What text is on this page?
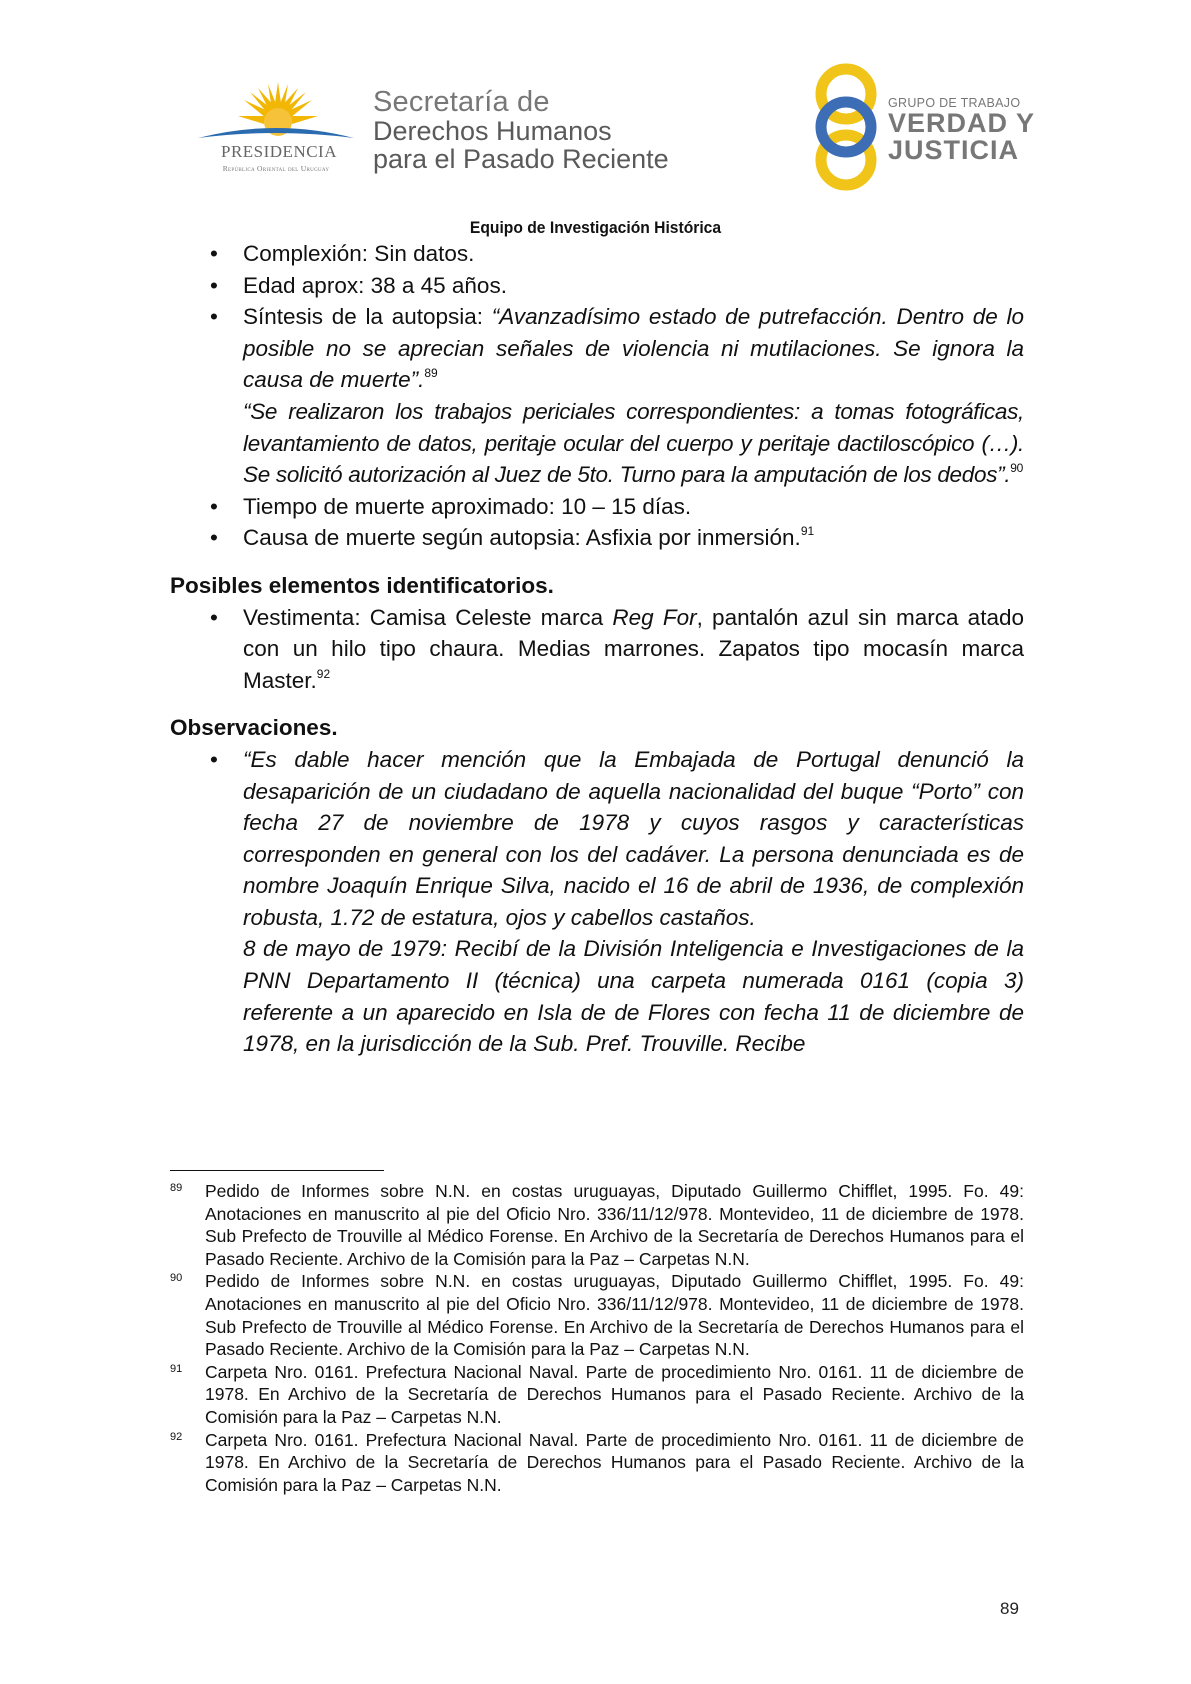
PRESIDENCIA
República Oriental del Uruguay
Secretaría de
Derechos Humanos
para el Pasado Reciente
GRUPO DE TRABAJO
VERDAD Y
JUSTICIA
Equipo de Investigación Histórica
• Complexión: Sin datos.
• Edad aprox: 38 a 45 años.
• Síntesis de la autopsia: “Avanzadísimo estado de putrefacción. Dentro de lo posible no se aprecian señales de violencia ni mutilaciones. Se ignora la causa de muerte”.$^{89}$
“Se realizaron los trabajos periciales correspondientes: a tomas fotográficas, levantamiento de datos, peritaje ocular del cuerpo y peritaje dactiloscópico (…). Se solicitó autorización al Juez de 5to. Turno para la amputación de los dedos”.$^{90}$
• Tiempo de muerte aproximado: 10 – 15 días.
• Causa de muerte según autopsia: Asfixia por inmersión.$^{91}$
Posibles elementos identificatorios.
• Vestimenta: Camisa Celeste marca Reg For, pantalón azul sin marca atado con un hilo tipo chaura. Medias marrones. Zapatos tipo mocasín marca Master.$^{92}$
Observaciones.
• “Es dable hacer mención que la Embajada de Portugal denunció la desaparición de un ciudadano de aquella nacionalidad del buque “Porto” con fecha 27 de noviembre de 1978 y cuyos rasgos y características corresponden en general con los del cadáver. La persona denunciada es de nombre Joaquín Enrique Silva, nacido el 16 de abril de 1936, de complexión robusta, 1.72 de estatura, ojos y cabellos castaños.
8 de mayo de 1979: Recibí de la División Inteligencia e Investigaciones de la PNN Departamento II (técnica) una carpeta numerada 0161 (copia 3) referente a un aparecido en Isla de de Flores con fecha 11 de diciembre de 1978, en la jurisdicción de la Sub. Pref. Trouville. Recibe
89 Pedido de Informes sobre N.N. en costas uruguayas, Diputado Guillermo Chifflet, 1995. Fo. 49: Anotaciones en manuscrito al pie del Oficio Nro. 336/11/12/978. Montevideo, 11 de diciembre de 1978. Sub Prefecto de Trouville al Médico Forense. En Archivo de la Secretaría de Derechos Humanos para el Pasado Reciente. Archivo de la Comisión para la Paz – Carpetas N.N.
90 Pedido de Informes sobre N.N. en costas uruguayas, Diputado Guillermo Chifflet, 1995. Fo. 49: Anotaciones en manuscrito al pie del Oficio Nro. 336/11/12/978. Montevideo, 11 de diciembre de 1978. Sub Prefecto de Trouville al Médico Forense. En Archivo de la Secretaría de Derechos Humanos para el Pasado Reciente. Archivo de la Comisión para la Paz – Carpetas N.N.
91 Carpeta Nro. 0161. Prefectura Nacional Naval. Parte de procedimiento Nro. 0161. 11 de diciembre de 1978. En Archivo de la Secretaría de Derechos Humanos para el Pasado Reciente. Archivo de la Comisión para la Paz – Carpetas N.N.
92 Carpeta Nro. 0161. Prefectura Nacional Naval. Parte de procedimiento Nro. 0161. 11 de diciembre de 1978. En Archivo de la Secretaría de Derechos Humanos para el Pasado Reciente. Archivo de la Comisión para la Paz – Carpetas N.N.
89
